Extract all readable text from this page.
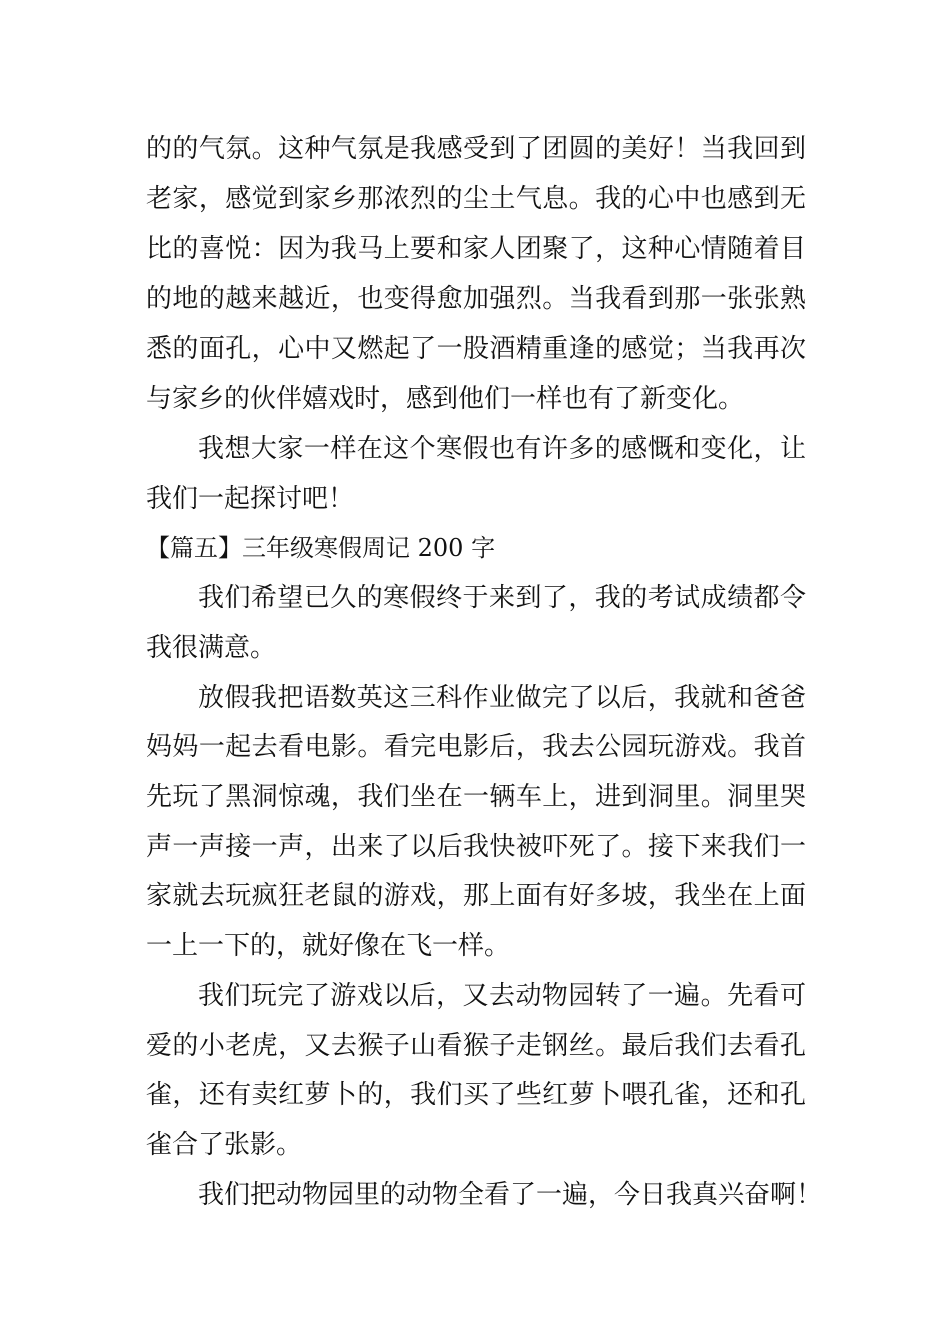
的的气氛。这种气氛是我感受到了团圆的美好！当我回到
老家，感觉到家乡那浓烈的尘土气息。我的心中也感到无
比的喜悦：因为我马上要和家人团聚了，这种心情随着目
的地的越来越近，也变得愈加强烈。当我看到那一张张熟
悉的面孔，心中又燃起了一股酒精重逢的感觉；当我再次
与家乡的伙伴嬉戏时，感到他们一样也有了新变化。
我想大家一样在这个寒假也有许多的感慨和变化，让
我们一起探讨吧！
【篇五】三年级寒假周记 200 字
我们希望已久的寒假终于来到了，我的考试成绩都令
我很满意。
放假我把语数英这三科作业做完了以后，我就和爸爸
妈妈一起去看电影。看完电影后，我去公园玩游戏。我首
先玩了黑洞惊魂，我们坐在一辆车上，进到洞里。洞里哭
声一声接一声，出来了以后我快被吓死了。接下来我们一
家就去玩疯狂老鼠的游戏，那上面有好多坡，我坐在上面
一上一下的，就好像在飞一样。
我们玩完了游戏以后，又去动物园转了一遍。先看可
爱的小老虎，又去猴子山看猴子走钢丝。最后我们去看孔
雀，还有卖红萝卜的，我们买了些红萝卜喂孔雀，还和孔
雀合了张影。
我们把动物园里的动物全看了一遍，今日我真兴奋啊！
